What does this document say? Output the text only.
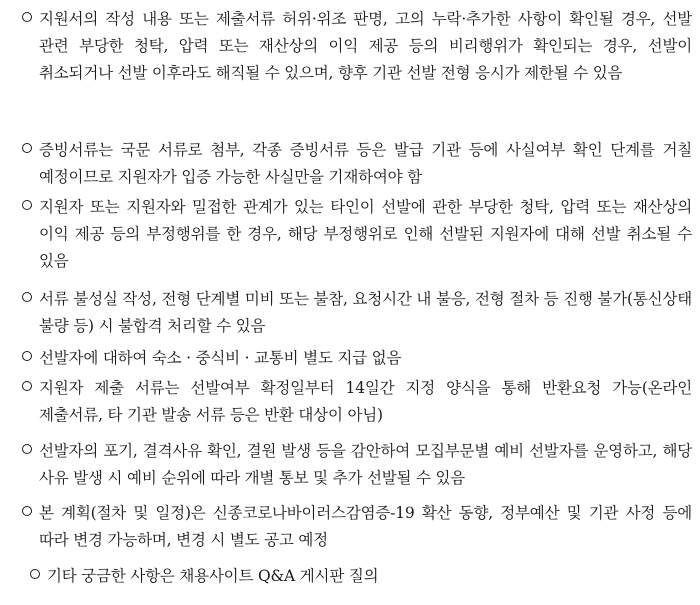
지원서의 작성 내용 또는 제출서류 허위·위조 판명, 고의 누락·추가한 사항이 확인될 경우, 선발 관련 부당한 청탁, 압력 또는 재산상의 이익 제공 등의 비리행위가 확인되는 경우, 선발이 취소되거나 선발 이후라도 해직될 수 있으며, 향후 기관 선발 전형 응시가 제한될 수 있음
증빙서류는 국문 서류로 첨부, 각종 증빙서류 등은 발급 기관 등에 사실여부 확인 단계를 거칠 예정이므로 지원자가 입증 가능한 사실만을 기재하여야 함
지원자 또는 지원자와 밀접한 관계가 있는 타인이 선발에 관한 부당한 청탁, 압력 또는 재산상의 이익 제공 등의 부정행위를 한 경우, 해당 부정행위로 인해 선발된 지원자에 대해 선발 취소될 수 있음
서류 불성실 작성, 전형 단계별 미비 또는 불참, 요청시간 내 불응, 전형 절차 등 진행 불가(통신상태 불량 등) 시 불합격 처리할 수 있음
선발자에 대하여 숙소 · 중식비 · 교통비 별도 지급 없음
지원자 제출 서류는 선발여부 확정일부터 14일간 지정 양식을 통해 반환요청 가능(온라인 제출서류, 타 기관 발송 서류 등은 반환 대상이 아님)
선발자의 포기, 결격사유 확인, 결원 발생 등을 감안하여 모집부문별 예비 선발자를 운영하고, 해당 사유 발생 시 예비 순위에 따라 개별 통보 및 추가 선발될 수 있음
본 계획(절차 및 일정)은 신종코로나바이러스감염증-19 확산 동향, 정부예산 및 기관 사정 등에 따라 변경 가능하며, 변경 시 별도 공고 예정
기타 궁금한 사항은 채용사이트 Q&A 게시판 질의
